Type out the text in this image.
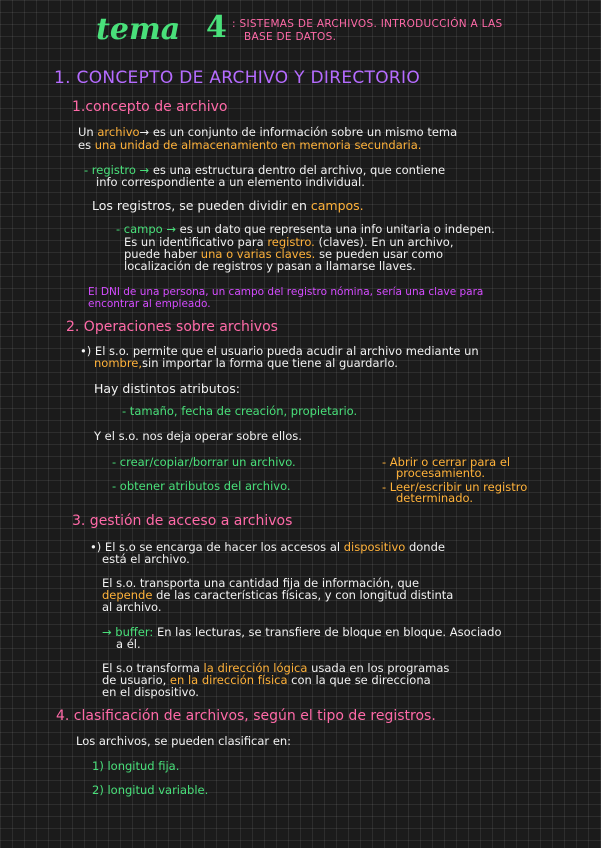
tema 4 : SISTEMAS DE ARCHIVOS. INTRODUCCIÓN A LAS
BASE DE DATOS.
1. CONCEPTO DE ARCHIVO Y DIRECTORIO
1.concepto de archivo
Un archivo→ es un conjunto de información sobre un mismo tema
es una unidad de almacenamiento en memoria secundaria.
- registro → es una estructura dentro del archivo, que contiene
info correspondiente a un elemento individual.
Los registros, se pueden dividir en campos.
- campo → es un dato que representa una info unitaria o indepen.
Es un identificativo para registro. (claves). En un archivo,
puede haber una o varias claves. se pueden usar como
localización de registros y pasan a llamarse llaves.
El DNI de una persona, un campo del registro nómina, sería una clave para
encontrar al empleado.
2. Operaciones sobre archivos
•) El s.o. permite que el usuario pueda acudir al archivo mediante un
nombre,sin importar la forma que tiene al guardarlo.
Hay distintos atributos:
- tamaño, fecha de creación, propietario.
Y el s.o. nos deja operar sobre ellos.
- crear/copiar/borrar un archivo.
- obtener atributos del archivo.
- Abrir o cerrar para el
procesamiento.
- Leer/escribir un registro
determinado.
3. gestión de acceso a archivos
•) El s.o se encarga de hacer los accesos al dispositivo donde
está el archivo.
El s.o. transporta una cantidad fija de información, que
depende de las características físicas, y con longitud distinta
al archivo.
→ buffer: En las lecturas, se transfiere de bloque en bloque. Asociado
a él.
El s.o transforma la dirección lógica usada en los programas
de usuario, en la dirección física con la que se direcciona
en el dispositivo.
4. clasificación de archivos, según el tipo de registros.
Los archivos, se pueden clasificar en:
1) longitud fija.
2) longitud variable.
